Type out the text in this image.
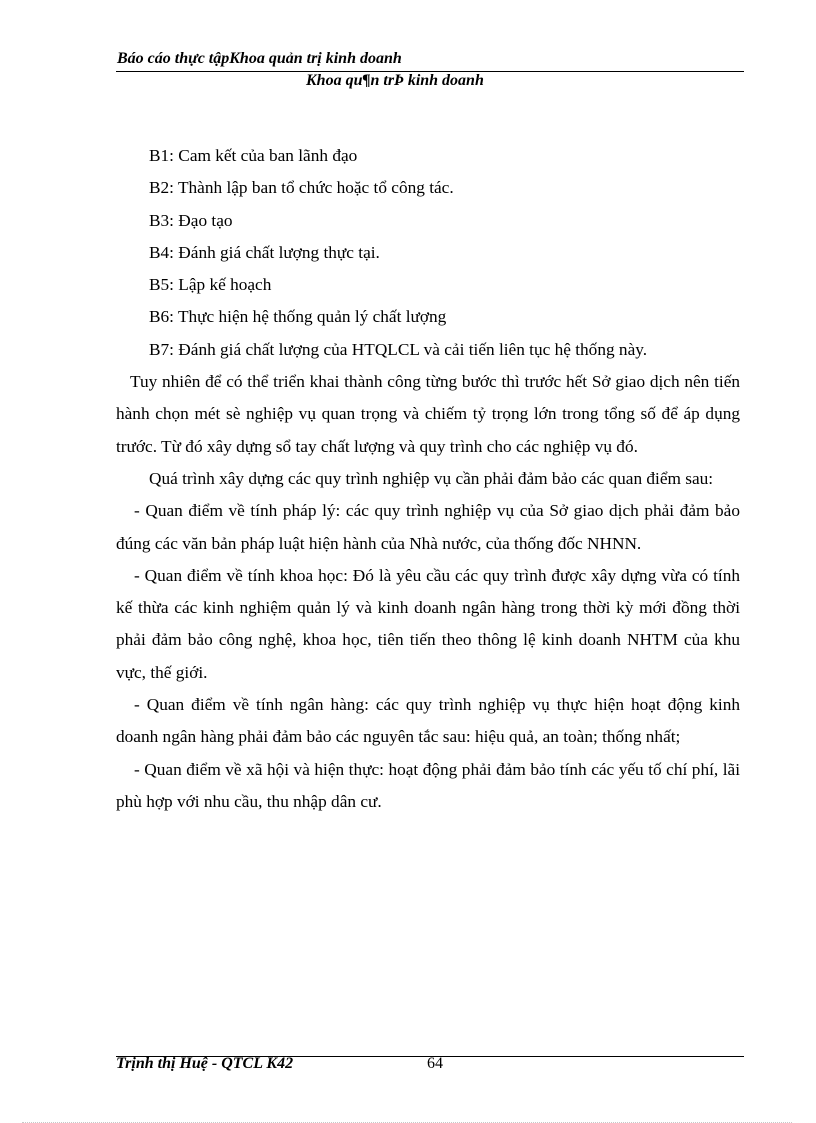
Báo cáo thực tậpKhoa quản trị kinh doanh
Khoa qu¶n trÞ kinh doanh
B1: Cam kết của ban lãnh đạo
B2: Thành lập ban tổ chức hoặc tổ công tác.
B3: Đạo tạo
B4: Đánh giá chất lượng thực tại.
B5: Lập kế hoạch
B6: Thực hiện hệ thống quản lý chất lượng
B7: Đánh giá chất lượng của HTQLCL và cải tiến liên tục hệ thống này.
Tuy nhiên để có thể triển khai thành công từng bước thì trước hết Sở giao dịch nên tiến hành chọn mét sè nghiệp vụ quan trọng và chiếm tỷ trọng lớn trong tổng số để áp dụng trước. Từ đó xây dựng sổ tay chất lượng và quy trình cho các nghiệp vụ đó.
Quá trình xây dựng các quy trình nghiệp vụ cần phải đảm bảo các quan điểm sau:
- Quan điểm về tính pháp lý: các quy trình nghiệp vụ của Sở giao dịch phải đảm bảo đúng các văn bản pháp luật hiện hành của Nhà nước, của thống đốc NHNN.
- Quan điểm về tính khoa học: Đó là yêu cầu các quy trình được xây dựng vừa có tính kế thừa các kinh nghiệm quản lý và kinh doanh ngân hàng trong thời kỳ mới đồng thời phải đảm bảo công nghệ, khoa học, tiên tiến theo thông lệ kinh doanh NHTM của khu vực, thế giới.
- Quan điểm về tính ngân hàng: các quy trình nghiệp vụ thực hiện hoạt động kinh doanh ngân hàng phải đảm bảo các nguyên tắc sau: hiệu quả, an toàn; thống nhất;
- Quan điểm về xã hội và hiện thực: hoạt động phải đảm bảo tính các yếu tố chí phí, lãi phù hợp với nhu cầu, thu nhập dân cư.
Trịnh thị Huệ - QTCL K42	64
